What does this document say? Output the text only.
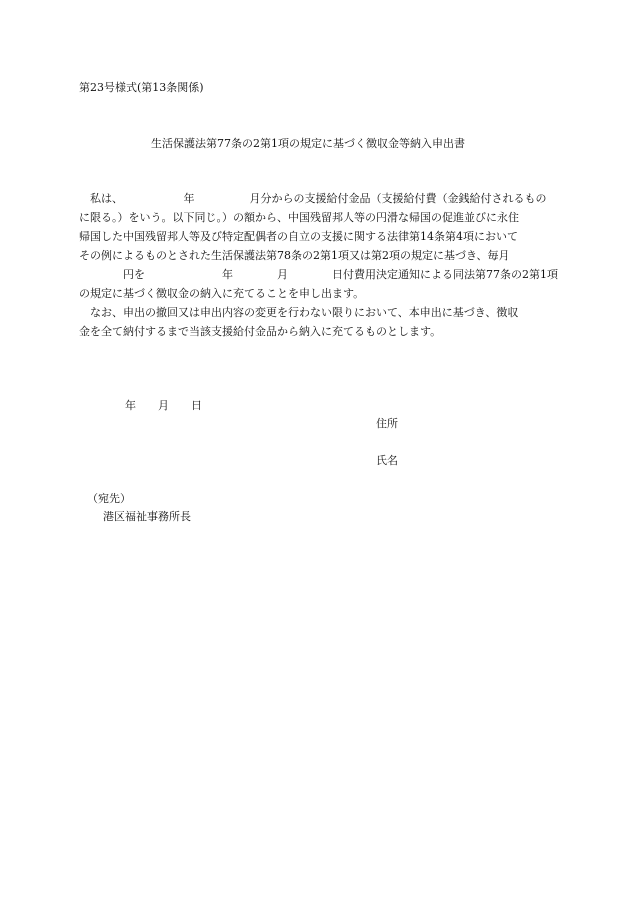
第23号様式(第13条関係)
生活保護法第77条の2第1項の規定に基づく徴収金等納入申出書
　私は、　　　　　　年　　　　　月分からの支援給付金品（支援給付費（金銭給付されるもの
に限る。）をいう。以下同じ。）の額から、中国残留邦人等の円滑な帰国の促進並びに永住
帰国した中国残留邦人等及び特定配偶者の自立の支援に関する法律第14条第4項において
その例によるものとされた生活保護法第78条の2第1項又は第2項の規定に基づき、毎月
　　　　円を　　　　　　　年　　　　月　　　　日付費用決定通知による同法第77条の2第1項
の規定に基づく徴収金の納入に充てることを申し出ます。
　なお、申出の撤回又は申出内容の変更を行わない限りにおいて、本申出に基づき、徴収
金を全て納付するまで当該支援給付金品から納入に充てるものとします。
年　　月　　日
住所
氏名
（宛先）
港区福祉事務所長
